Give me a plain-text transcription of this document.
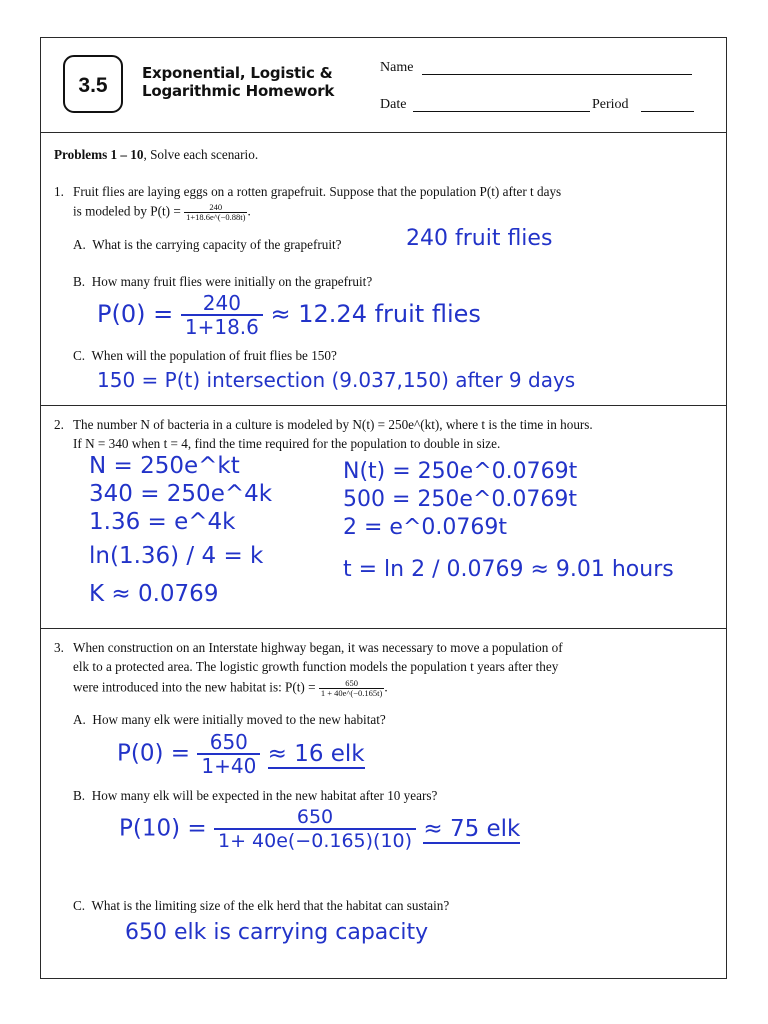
3.5
Exponential, Logistic &
Logarithmic Homework
Name
Date	Period
Problems 1 – 10, Solve each scenario.
1. Fruit flies are laying eggs on a rotten grapefruit. Suppose that the population P(t) after t days
is modeled by $P(t) = \frac{240}{1+18.6e\^{}(-0.88t)}$ .
A. What is the carrying capacity of the grapefruit?	240 fruit flies
B. How many fruit flies were initially on the grapefruit?
$P(0) = \frac{240}{1+18.6} \approx 12.24$ fruit flies
C. When will the population of fruit flies be 150?
150 = P(t) intersection (9.037,150) after 9 days
2. The number N of bacteria in a culture is modeled by N(t) = 250e^(kt), where t is the time in hours.
If N = 340 when t = 4, find the time required for the population to double in size.
N = 250e^kt
340 = 250e^4k
1.36 = e^4k
ln(1.36) / 4 = k
K ≈ 0.0769
N(t) = 250e^0.0769t
500 = 250e^0.0769t
2 = e^0.0769t
t = ln 2 / 0.0769 ≈ 9.01 hours
3. When construction on an Interstate highway began, it was necessary to move a population of
elk to a protected area. The logistic growth function models the population t years after they
were introduced into the new habitat is: $P(t) = \frac{650}{1 + 40e\^{}(-0.165t)}$ .
A. How many elk were initially moved to the new habitat?
$P(0) = \frac{650}{1+40} \approx 16$ elk
B. How many elk will be expected in the new habitat after 10 years?
$P(10) = \frac{650}{1+ 40e(-0.165)(10)} \approx 75$ elk
C. What is the limiting size of the elk herd that the habitat can sustain?
650 elk is carrying capacity
